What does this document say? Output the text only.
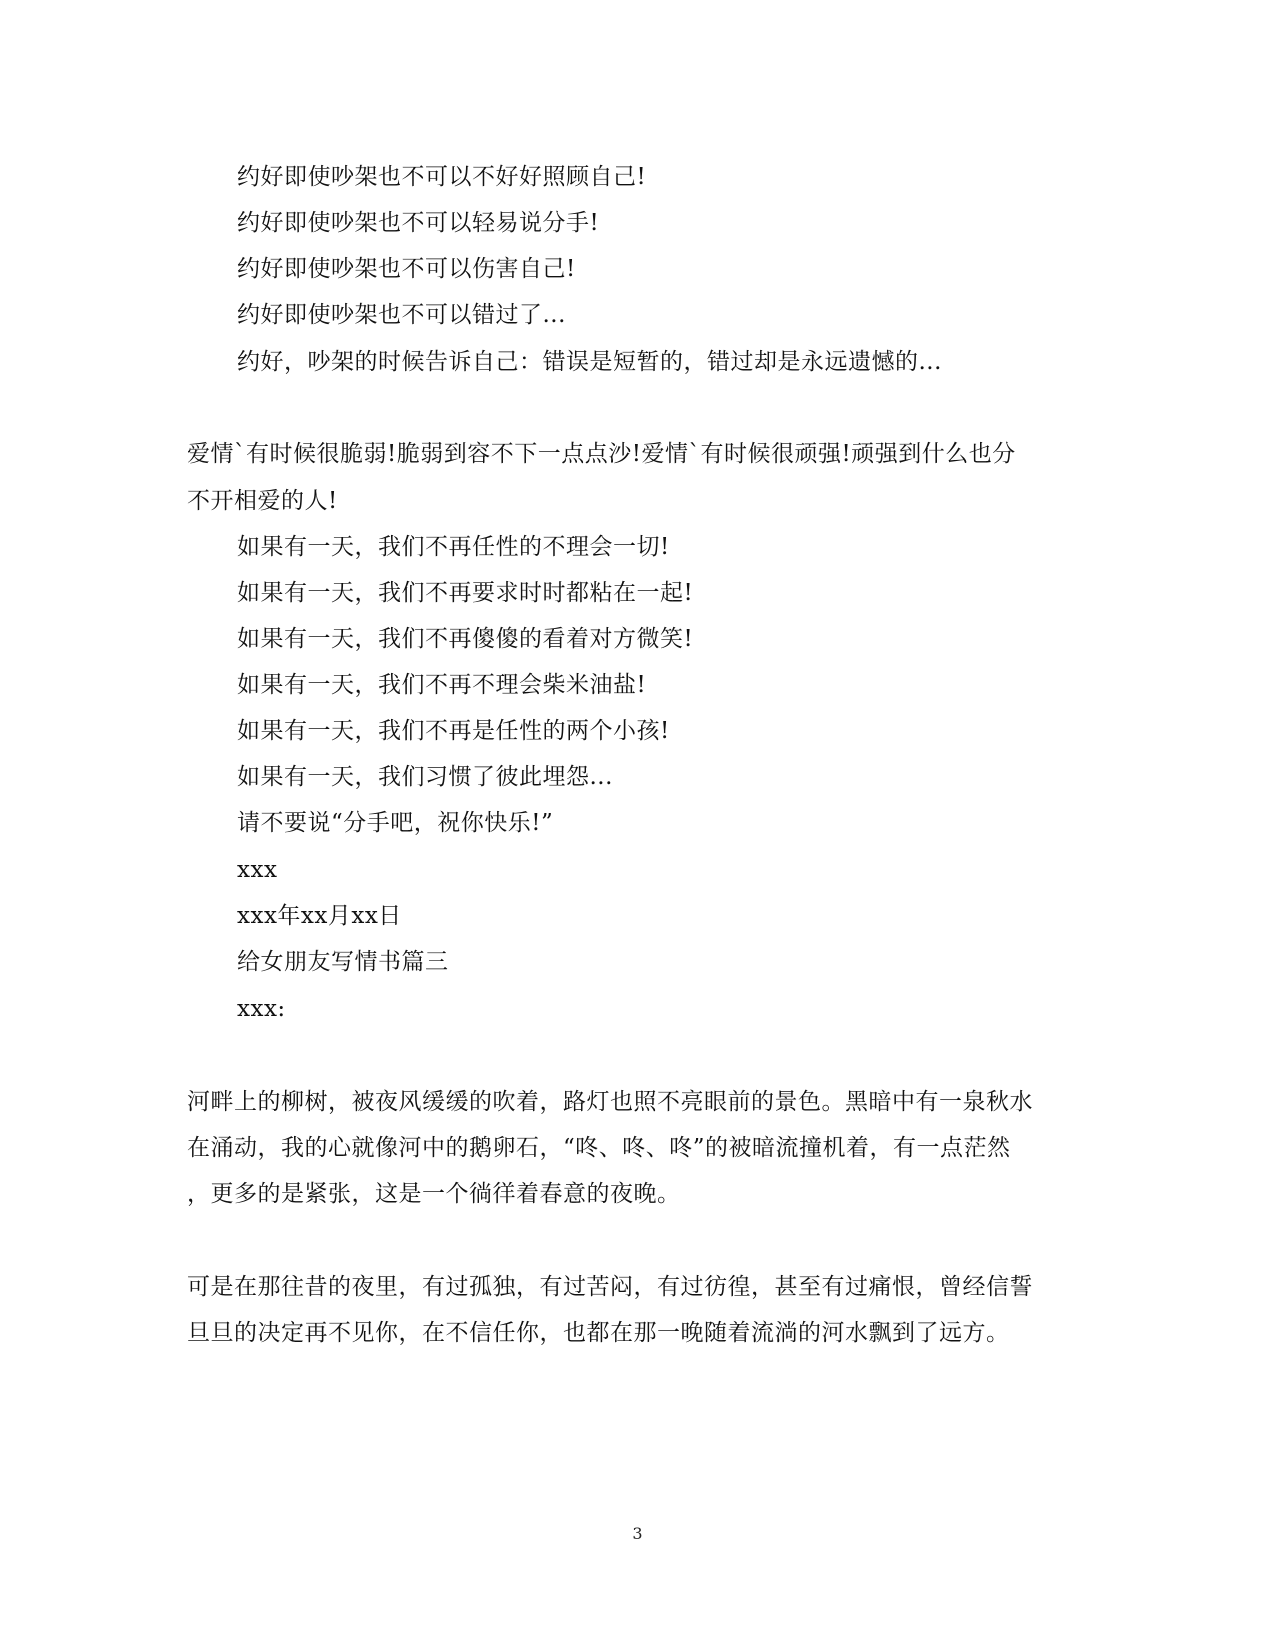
约好即使吵架也不可以不好好照顾自己!
约好即使吵架也不可以轻易说分手!
约好即使吵架也不可以伤害自己!
约好即使吵架也不可以错过了...
约好，吵架的时候告诉自己：错误是短暂的，错过却是永远遗憾的...
爱情`有时候很脆弱!脆弱到容不下一点点沙!爱情`有时候很顽强!顽强到什么也分
不开相爱的人!
如果有一天，我们不再任性的不理会一切!
如果有一天，我们不再要求时时都粘在一起!
如果有一天，我们不再傻傻的看着对方微笑!
如果有一天，我们不再不理会柴米油盐!
如果有一天，我们不再是任性的两个小孩!
如果有一天，我们习惯了彼此埋怨...
请不要说“分手吧，祝你快乐!”
xxx
xxx年xx月xx日
给女朋友写情书篇三
xxx:
河畔上的柳树，被夜风缓缓的吹着，路灯也照不亮眼前的景色。黑暗中有一泉秋水
在涌动，我的心就像河中的鹅卵石，“咚、咚、咚”的被暗流撞机着，有一点茫然
，更多的是紧张，这是一个徜徉着春意的夜晚。
可是在那往昔的夜里，有过孤独，有过苦闷，有过彷徨，甚至有过痛恨，曾经信誓
旦旦的决定再不见你，在不信任你，也都在那一晚随着流淌的河水飘到了远方。
3
